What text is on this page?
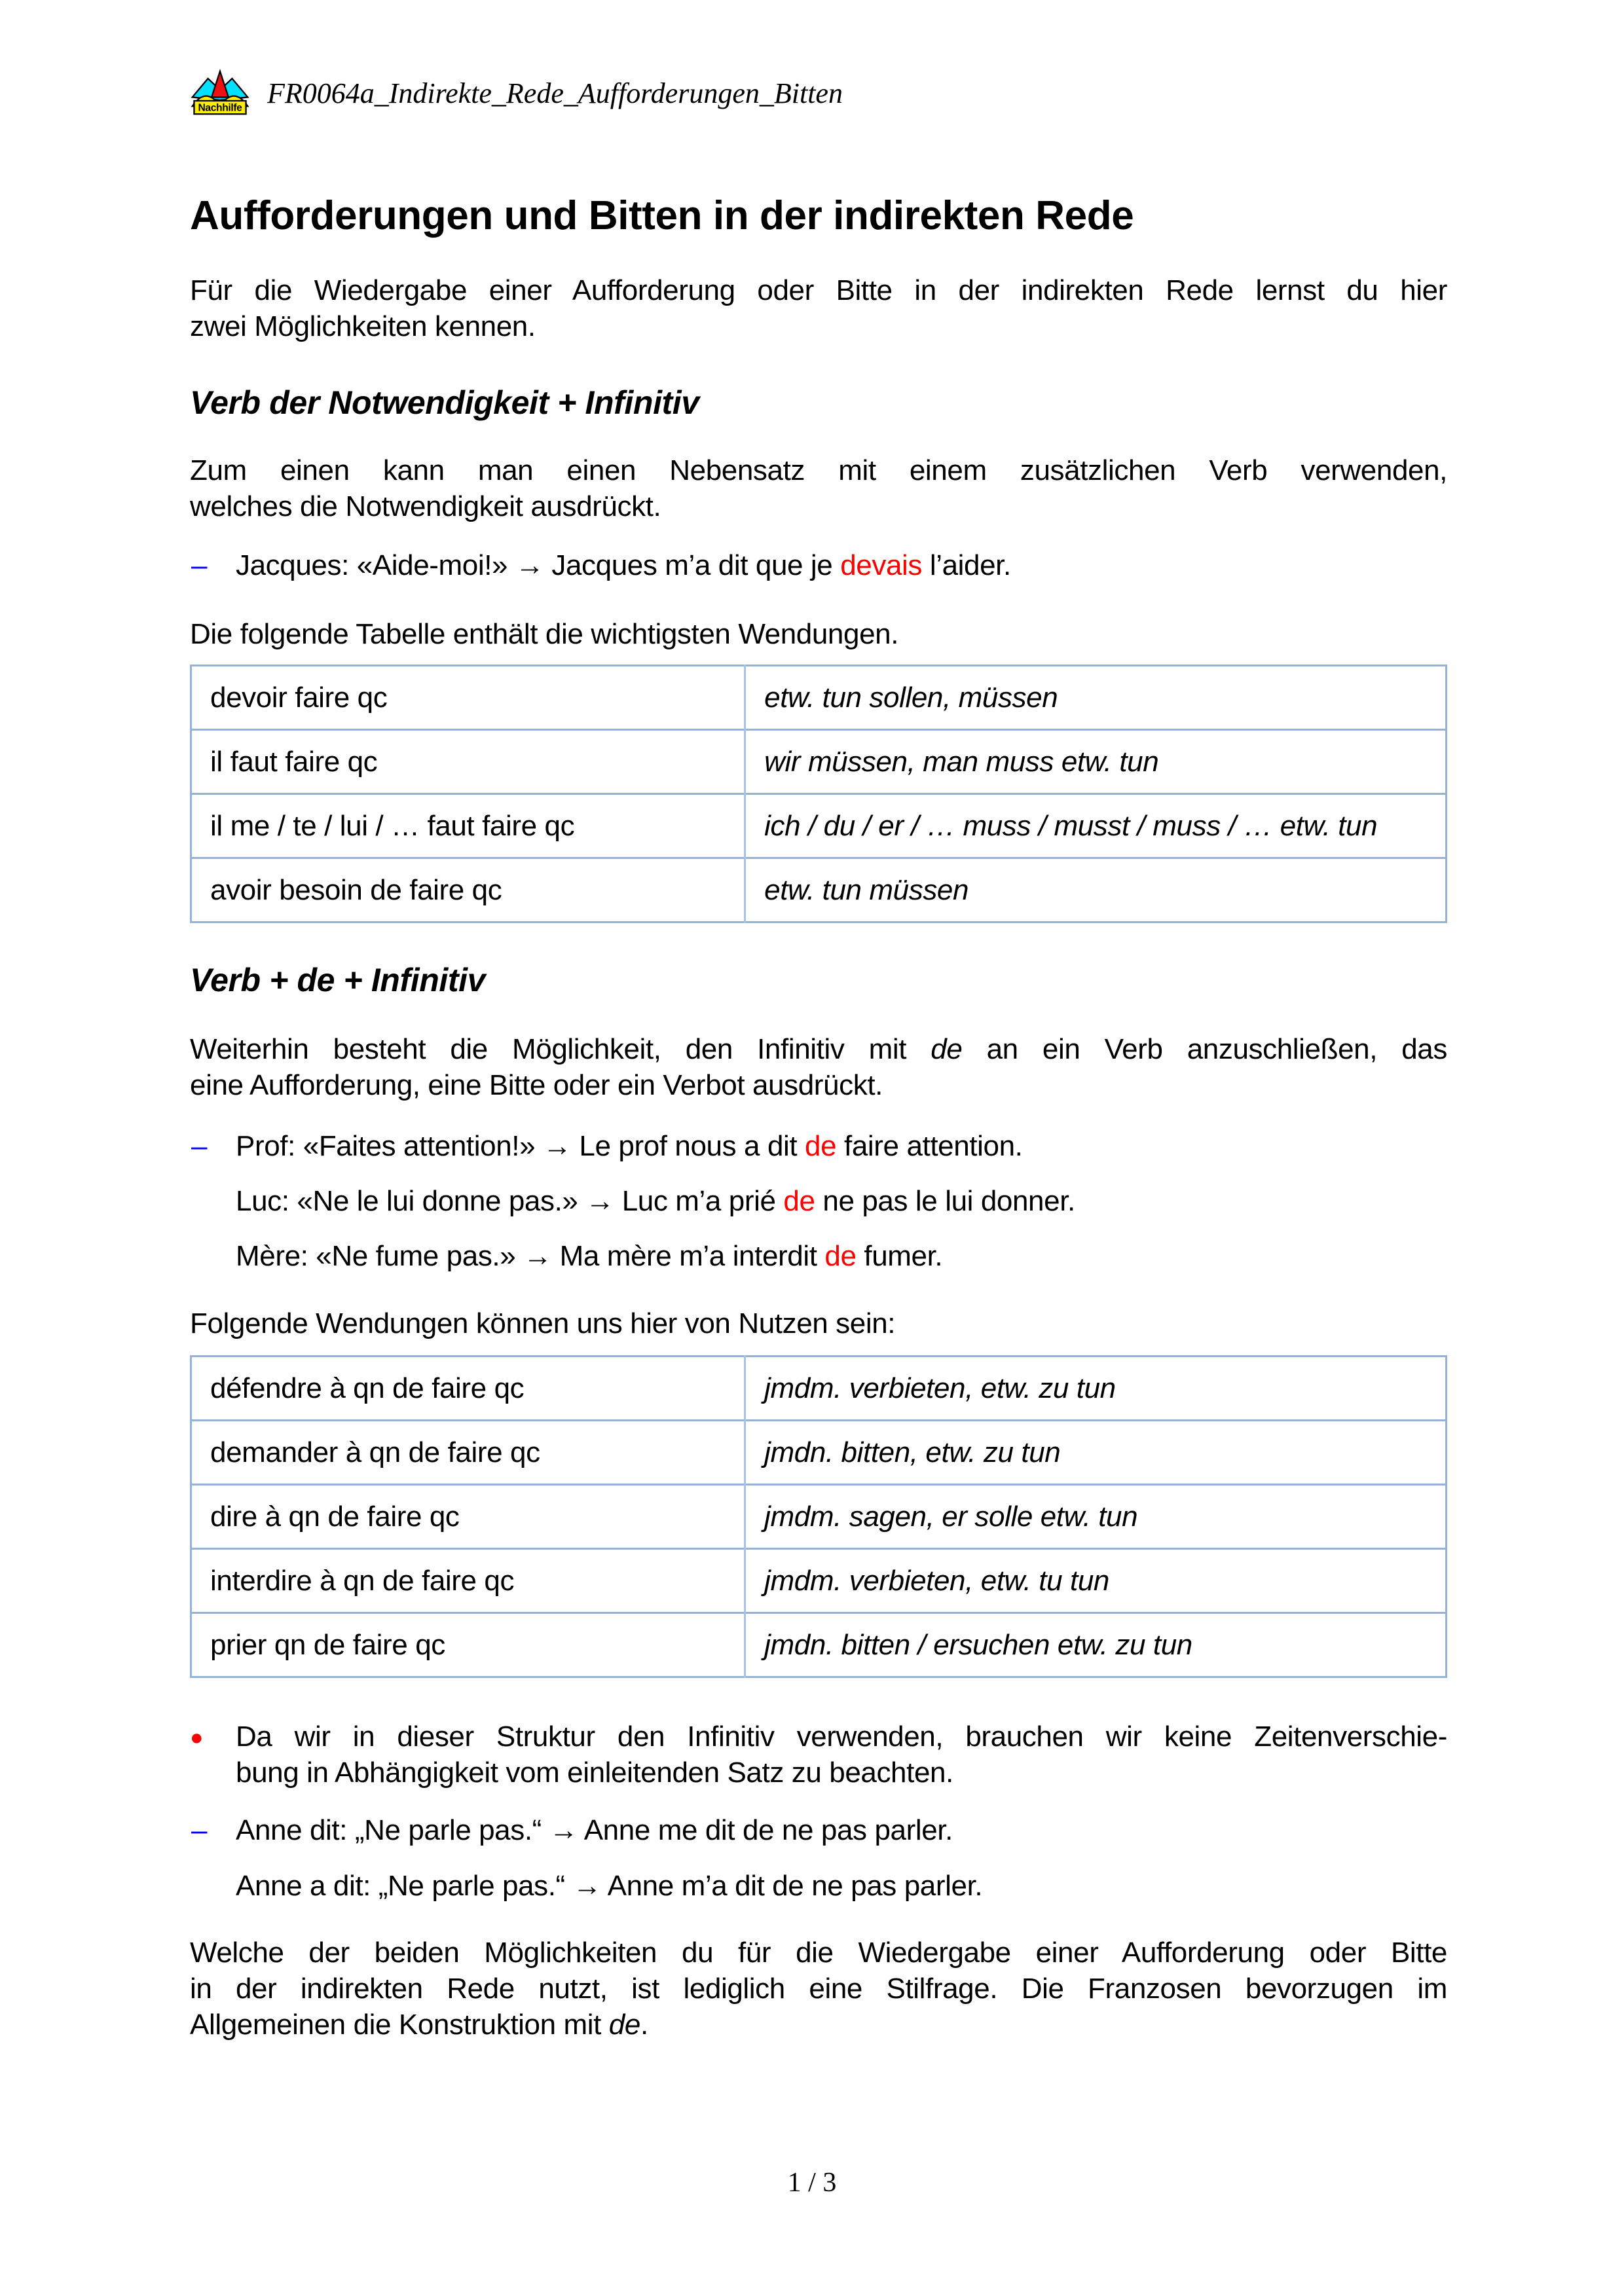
Nachhilfe FR0064a_Indirekte_Rede_Aufforderungen_Bitten
Aufforderungen und Bitten in der indirekten Rede

Für die Wiedergabe einer Aufforderung oder Bitte in der indirekten Rede lernst du hier
zwei Möglichkeiten kennen.

Verb der Notwendigkeit + Infinitiv

Zum einen kann man einen Nebensatz mit einem zusätzlichen Verb verwenden,
welches die Notwendigkeit ausdrückt.

– Jacques: «Aide-moi!» → Jacques m’a dit que je devais l’aider.

Die folgende Tabelle enthält die wichtigsten Wendungen.

devoir faire qc	etw. tun sollen, müssen
il faut faire qc	wir müssen, man muss etw. tun
il me / te / lui / … faut faire qc	ich / du / er / … muss / musst / muss / … etw. tun
avoir besoin de faire qc	etw. tun müssen
Verb + de + Infinitiv

Weiterhin besteht die Möglichkeit, den Infinitiv mit de an ein Verb anzuschließen, das
eine Aufforderung, eine Bitte oder ein Verbot ausdrückt.

– Prof: «Faites attention!» → Le prof nous a dit de faire attention.
Luc: «Ne le lui donne pas.» → Luc m’a prié de ne pas le lui donner.
Mère: «Ne fume pas.» → Ma mère m’a interdit de fumer.

Folgende Wendungen können uns hier von Nutzen sein:

défendre à qn de faire qc	jmdm. verbieten, etw. zu tun
demander à qn de faire qc	jmdn. bitten, etw. zu tun
dire à qn de faire qc	jmdm. sagen, er solle etw. tun
interdire à qn de faire qc	jmdm. verbieten, etw. tu tun
prier qn de faire qc	jmdn. bitten / ersuchen etw. zu tun
● Da wir in dieser Struktur den Infinitiv verwenden, brauchen wir keine Zeitenverschie-
bung in Abhängigkeit vom einleitenden Satz zu beachten.
– Anne dit: „Ne parle pas.“ → Anne me dit de ne pas parler.
Anne a dit: „Ne parle pas.“ → Anne m’a dit de ne pas parler.

Welche der beiden Möglichkeiten du für die Wiedergabe einer Aufforderung oder Bitte
in der indirekten Rede nutzt, ist lediglich eine Stilfrage. Die Franzosen bevorzugen im
Allgemeinen die Konstruktion mit de.

1 / 3
